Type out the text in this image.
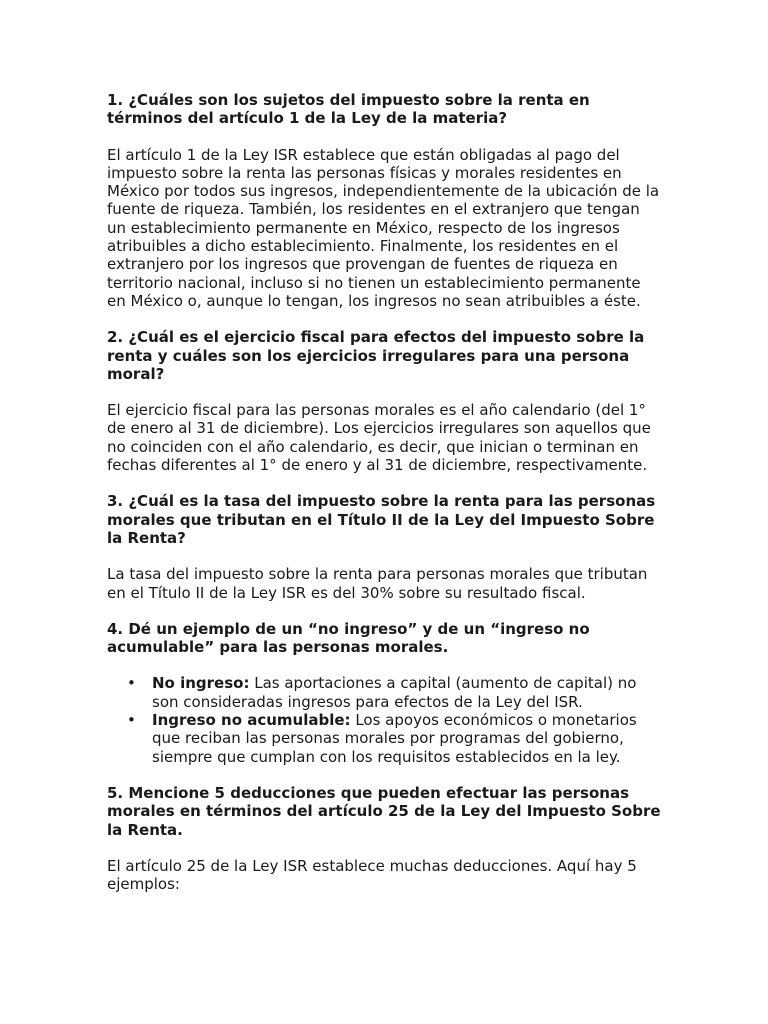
1. ¿Cuáles son los sujetos del impuesto sobre la renta en términos del artículo 1 de la Ley de la materia?

El artículo 1 de la Ley ISR establece que están obligadas al pago del impuesto sobre la renta las personas físicas y morales residentes en México por todos sus ingresos, independientemente de la ubicación de la fuente de riqueza. También, los residentes en el extranjero que tengan un establecimiento permanente en México, respecto de los ingresos atribuibles a dicho establecimiento. Finalmente, los residentes en el extranjero por los ingresos que provengan de fuentes de riqueza en territorio nacional, incluso si no tienen un establecimiento permanente en México o, aunque lo tengan, los ingresos no sean atribuibles a éste.

2. ¿Cuál es el ejercicio fiscal para efectos del impuesto sobre la renta y cuáles son los ejercicios irregulares para una persona moral?

El ejercicio fiscal para las personas morales es el año calendario (del 1° de enero al 31 de diciembre). Los ejercicios irregulares son aquellos que no coinciden con el año calendario, es decir, que inician o terminan en fechas diferentes al 1° de enero y al 31 de diciembre, respectivamente.

3. ¿Cuál es la tasa del impuesto sobre la renta para las personas morales que tributan en el Título II de la Ley del Impuesto Sobre la Renta?

La tasa del impuesto sobre la renta para personas morales que tributan en el Título II de la Ley ISR es del 30% sobre su resultado fiscal.

4. Dé un ejemplo de un “no ingreso” y de un “ingreso no acumulable” para las personas morales.

• No ingreso: Las aportaciones a capital (aumento de capital) no son consideradas ingresos para efectos de la Ley del ISR.
• Ingreso no acumulable: Los apoyos económicos o monetarios que reciban las personas morales por programas del gobierno, siempre que cumplan con los requisitos establecidos en la ley.

5. Mencione 5 deducciones que pueden efectuar las personas morales en términos del artículo 25 de la Ley del Impuesto Sobre la Renta.

El artículo 25 de la Ley ISR establece muchas deducciones. Aquí hay 5 ejemplos:
